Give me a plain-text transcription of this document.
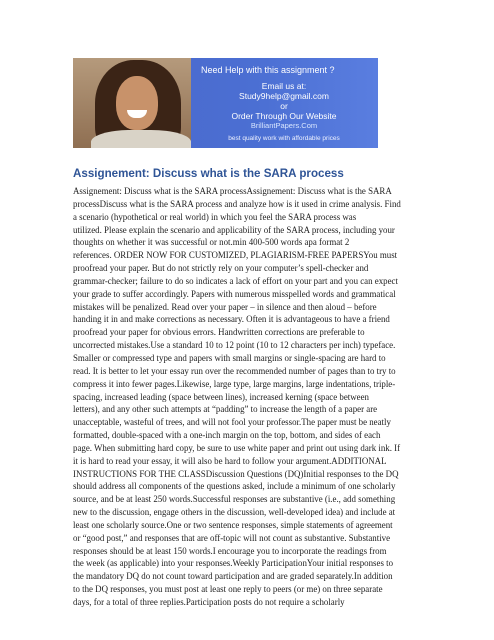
Need Help with this assignment ?
Email us at:
Study9help@gmail.com
or
Order Through Our Website
BrilliantPapers.Com
best quality work with affordable prices
Assignement: Discuss what is the SARA process

Assignement: Discuss what is the SARA processAssignement: Discuss what is the SARA
processDiscuss what is the SARA process and analyze how is it used in crime analysis. Find
a scenario (hypothetical or real world) in which you feel the SARA process was
utilized. Please explain the scenario and applicability of the SARA process, including your
thoughts on whether it was successful or not.min 400-500 words apa format 2
references. ORDER NOW FOR CUSTOMIZED, PLAGIARISM-FREE PAPERSYou must
proofread your paper. But do not strictly rely on your computer’s spell-checker and
grammar-checker; failure to do so indicates a lack of effort on your part and you can expect
your grade to suffer accordingly. Papers with numerous misspelled words and grammatical
mistakes will be penalized. Read over your paper – in silence and then aloud – before
handing it in and make corrections as necessary. Often it is advantageous to have a friend
proofread your paper for obvious errors. Handwritten corrections are preferable to
uncorrected mistakes.Use a standard 10 to 12 point (10 to 12 characters per inch) typeface.
Smaller or compressed type and papers with small margins or single-spacing are hard to
read. It is better to let your essay run over the recommended number of pages than to try to
compress it into fewer pages.Likewise, large type, large margins, large indentations, triple-
spacing, increased leading (space between lines), increased kerning (space between
letters), and any other such attempts at “padding” to increase the length of a paper are
unacceptable, wasteful of trees, and will not fool your professor.The paper must be neatly
formatted, double-spaced with a one-inch margin on the top, bottom, and sides of each
page. When submitting hard copy, be sure to use white paper and print out using dark ink. If
it is hard to read your essay, it will also be hard to follow your argument.ADDITIONAL
INSTRUCTIONS FOR THE CLASSDiscussion Questions (DQ)Initial responses to the DQ
should address all components of the questions asked, include a minimum of one scholarly
source, and be at least 250 words.Successful responses are substantive (i.e., add something
new to the discussion, engage others in the discussion, well-developed idea) and include at
least one scholarly source.One or two sentence responses, simple statements of agreement
or “good post,” and responses that are off-topic will not count as substantive. Substantive
responses should be at least 150 words.I encourage you to incorporate the readings from
the week (as applicable) into your responses.Weekly ParticipationYour initial responses to
the mandatory DQ do not count toward participation and are graded separately.In addition
to the DQ responses, you must post at least one reply to peers (or me) on three separate
days, for a total of three replies.Participation posts do not require a scholarly
